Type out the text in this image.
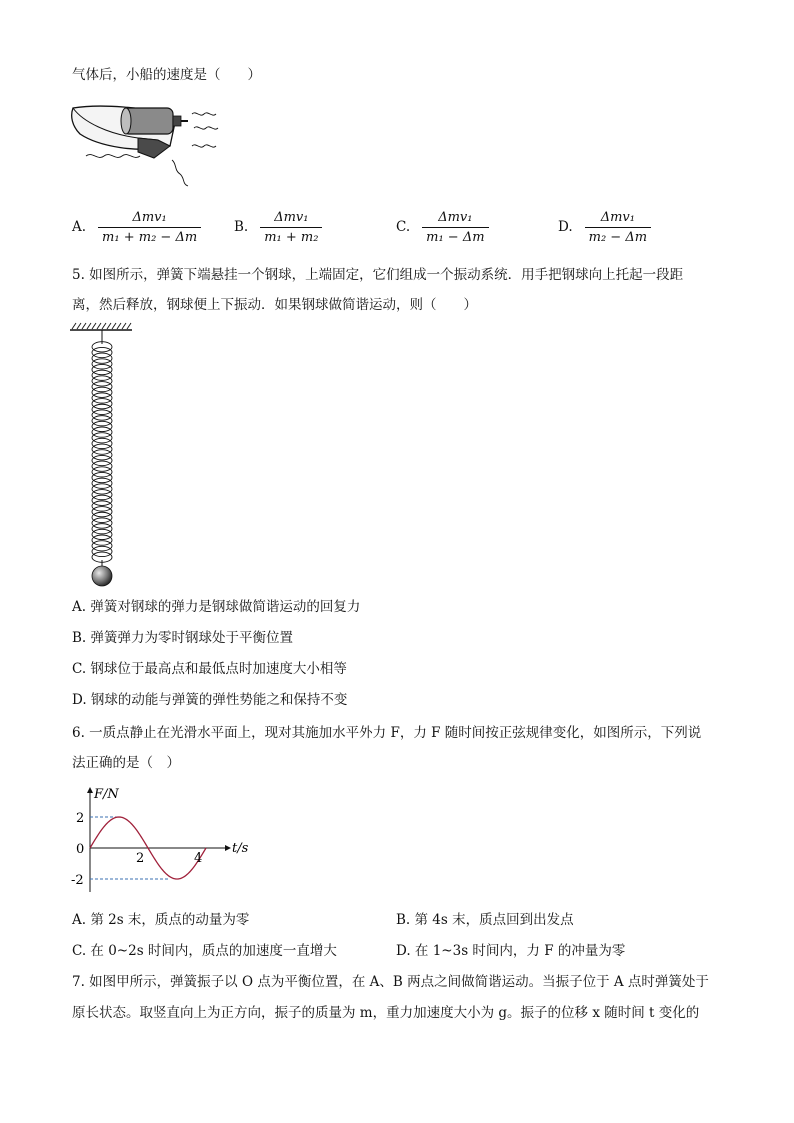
气体后，小船的速度是（　　）
A. $\frac{\text{Δmv₁}}{\text{m₁ + m₂ − Δm}} B$. $\frac{\text{Δmv₁}}{\text{m₁ + m₂}}$	C. $\frac{\text{Δmv₁}}{\text{m₁ − Δm}}$	D. $\frac{\text{Δmv₁}}{\text{m₂ − Δm}}$
5. 如图所示，弹簧下端悬挂一个钢球，上端固定，它们组成一个振动系统．用手把钢球向上托起一段距
离，然后释放，钢球便上下振动．如果钢球做简谐运动，则（　　）
A. 弹簧对钢球的弹力是钢球做简谐运动的回复力
B. 弹簧弹力为零时钢球处于平衡位置
C. 钢球位于最高点和最低点时加速度大小相等
D. 钢球的动能与弹簧的弹性势能之和保持不变
6. 一质点静止在光滑水平面上，现对其施加水平外力 F，力 F 随时间按正弦规律变化，如图所示，下列说
法正确的是（　）
F/N
t/s
2
0
-2
2	4
A. 第 2s 末，质点的动量为零	B. 第 4s 末，质点回到出发点
C. 在 0~2s 时间内，质点的加速度一直增大	D. 在 1~3s 时间内，力 F 的冲量为零
7. 如图甲所示，弹簧振子以 O 点为平衡位置，在 A、B 两点之间做简谐运动。当振子位于 A 点时弹簧处于
原长状态。取竖直向上为正方向，振子的质量为 m，重力加速度大小为 g。振子的位移 x 随时间 t 变化的
